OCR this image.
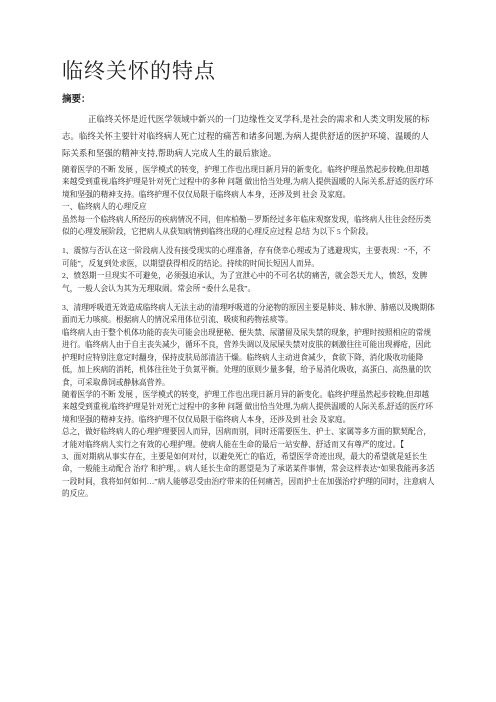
临终关怀的特点
摘要：
正临终关怀是近代医学领域中新兴的一门边缘性交叉学科,是社会的需求和人类文明发展的标志。临终关怀主要针对临终病人死亡过程的痛苦和诸多问题,为病人提供舒适的医护环境、温暖的人际关系和坚强的精神支持,帮助病人完成人生的最后旅途。

随着医学的不断 发展 ，医学模式的转变，护理工作也出现日新月异的新变化。临终护理虽然起步较晚,但却越来越受到重视,临终护理是针对死亡过程中的多种 问题 做出恰当处理,为病人提供温暖的人际关系,舒适的医疗环境和坚强的精神支持。临终护理不仅仅局限于临终病人本身，还涉及到 社会 及家庭。

一、临终病人的心理反应

虽然每一个临终病人所经历的疾病情况不同，但库柏勒－罗斯经过多年临床观察发现，临终病人往往会经历类似的心理发展阶段，它把病人从获知病情到临终出现的心理反应过程 总结 为以下 5 个阶段。

1、震惊与否认在这一阶段病人没有接受现实的心理准备，存有侥幸心理或为了逃避现实，主要表现：“不，不可能”，反复到处求医，以期望获得相反的结论。持续的时间长短因人而异。

2、愤怒期一旦现实不可避免，必须强迫承认，为了宣泄心中的不可名状的痛苦，就会怨天尤人，愤怒，发脾气，一般人会认为其为无理取闹。常会所 “委什么是我”。

3、清理呼吸道无效造成临终病人无法主动的清理呼吸道的分泌物的原因主要是肺炎、肺水肿、肺癌以及晚期体面而无力咳痰。根据病人的情况采用体位引流、吸痰和药物祛痰等。

临终病人由于整个机体功能的丧失可能会出现便秘、便失禁、尿潴留及尿失禁的现象，护理时按照相应的常规进行。临终病人由于自主丧失减少，循环不良，营养失调以及尿屎失禁对皮肤的刺激往往可能出现褥疮，因此护理时应特别注意定时翻身，保持皮肤局部清洁干燥。临终病人主动进食减少，食欲下降，消化吸收功能降低，加上疾病的消耗，机体往往处于负氮平衡。处理的原则少量多餐，给予易消化吸收，高蛋白、高热量的饮食，可采取鼻饲或静脉高营养。

随着医学的不断 发展 ，医学模式的转变，护理工作也出现日新月异的新变化。临终护理虽然起步较晚,但却越来越受到重视,临终护理是针对死亡过程中的多种 问题 做出恰当处理,为病人提供温暖的人际关系,舒适的医疗环境和坚强的精神支持。临终护理不仅仅局限于临终病人本身，还涉及到 社会 及家庭。

总之，做好临终病人的心理护理要因人而异，因病而别，同时还需要医生、护士、家属等多方面的默契配合，才能对临终病人实行之有效的心理护理。使病人能在生命的最后一站安静、舒适而又有尊严的度过。【

3、面对期病从事实存在，主要是如何对付，以避免死亡的临近，希望医学奇迹出现，最大的希望就是延长生命，一般能主动配合 治疗 和护理，。病人延长生命的愿望是为了承诺某件事情，常会这样表达“如果我能再多活一段时间，我将如何如何…”病人能够忍受由治疗带来的任何痛苦，因而护士在加强治疗护理的同时，注意病人的反应。
